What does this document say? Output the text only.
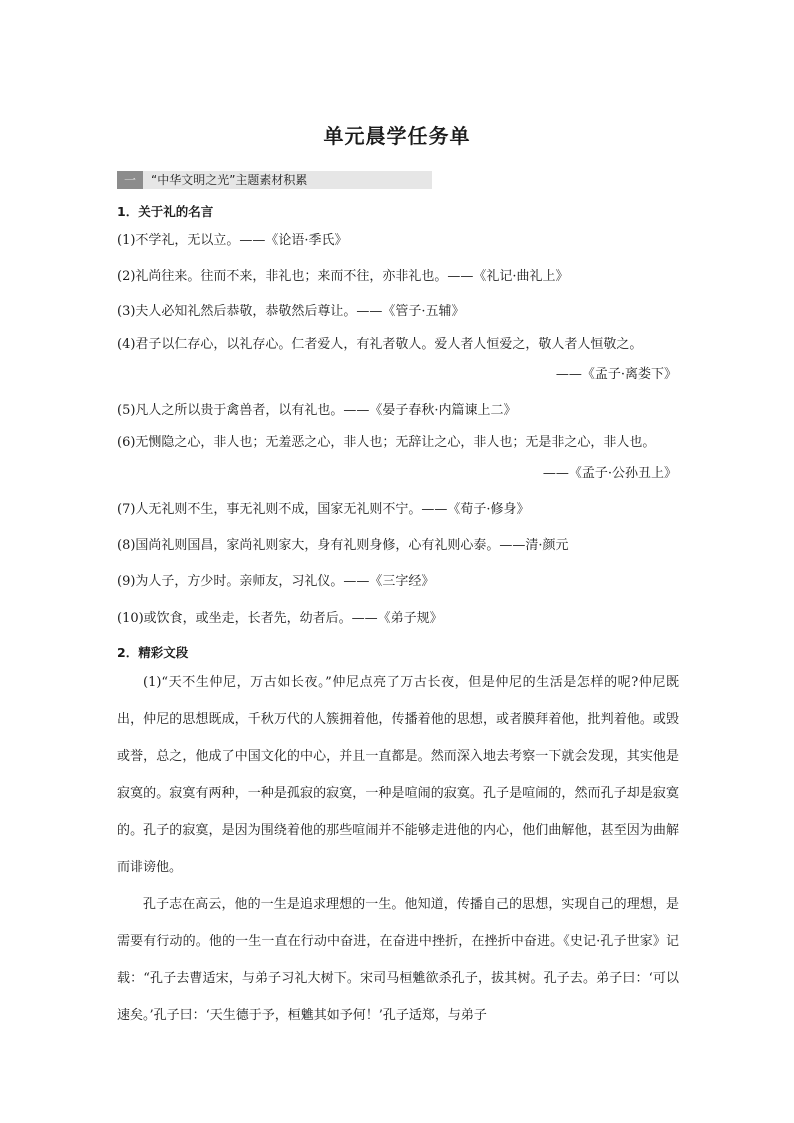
单元晨学任务单
一	“中华文明之光”主题素材积累
1．关于礼的名言
(1)不学礼，无以立。——《论语·季氏》
(2)礼尚往来。往而不来，非礼也；来而不往，亦非礼也。——《礼记·曲礼上》
(3)夫人必知礼然后恭敬，恭敬然后尊让。——《管子·五辅》
(4)君子以仁存心，以礼存心。仁者爱人，有礼者敬人。爱人者人恒爱之，敬人者人恒敬之。
——《孟子·离娄下》
(5)凡人之所以贵于禽兽者，以有礼也。——《晏子春秋·内篇谏上二》
(6)无恻隐之心，非人也；无羞恶之心，非人也；无辞让之心，非人也；无是非之心，非人也。
——《孟子·公孙丑上》
(7)人无礼则不生，事无礼则不成，国家无礼则不宁。——《荀子·修身》
(8)国尚礼则国昌，家尚礼则家大，身有礼则身修，心有礼则心泰。——清·颜元
(9)为人子，方少时。亲师友，习礼仪。——《三字经》
(10)或饮食，或坐走，长者先，幼者后。——《弟子规》
2．精彩文段

(1)“天不生仲尼，万古如长夜。”仲尼点亮了万古长夜，但是仲尼的生活是怎样的呢?仲尼既出，仲尼的思想既成，千秋万代的人簇拥着他，传播着他的思想，或者膜拜着他，批判着他。或毁或誉，总之，他成了中国文化的中心，并且一直都是。然而深入地去考察一下就会发现，其实他是寂寞的。寂寞有两种，一种是孤寂的寂寞，一种是喧闹的寂寞。孔子是喧闹的，然而孔子却是寂寞的。孔子的寂寞，是因为围绕着他的那些喧闹并不能够走进他的内心，他们曲解他，甚至因为曲解而诽谤他。

孔子志在高云，他的一生是追求理想的一生。他知道，传播自己的思想，实现自己的理想，是需要有行动的。他的一生一直在行动中奋进，在奋进中挫折，在挫折中奋进。《史记·孔子世家》记载：“孔子去曹适宋，与弟子习礼大树下。宋司马桓魋欲杀孔子，拔其树。孔子去。弟子曰：‘可以速矣。’孔子曰：‘天生德于予，桓魋其如予何！’孔子适郑，与弟子
